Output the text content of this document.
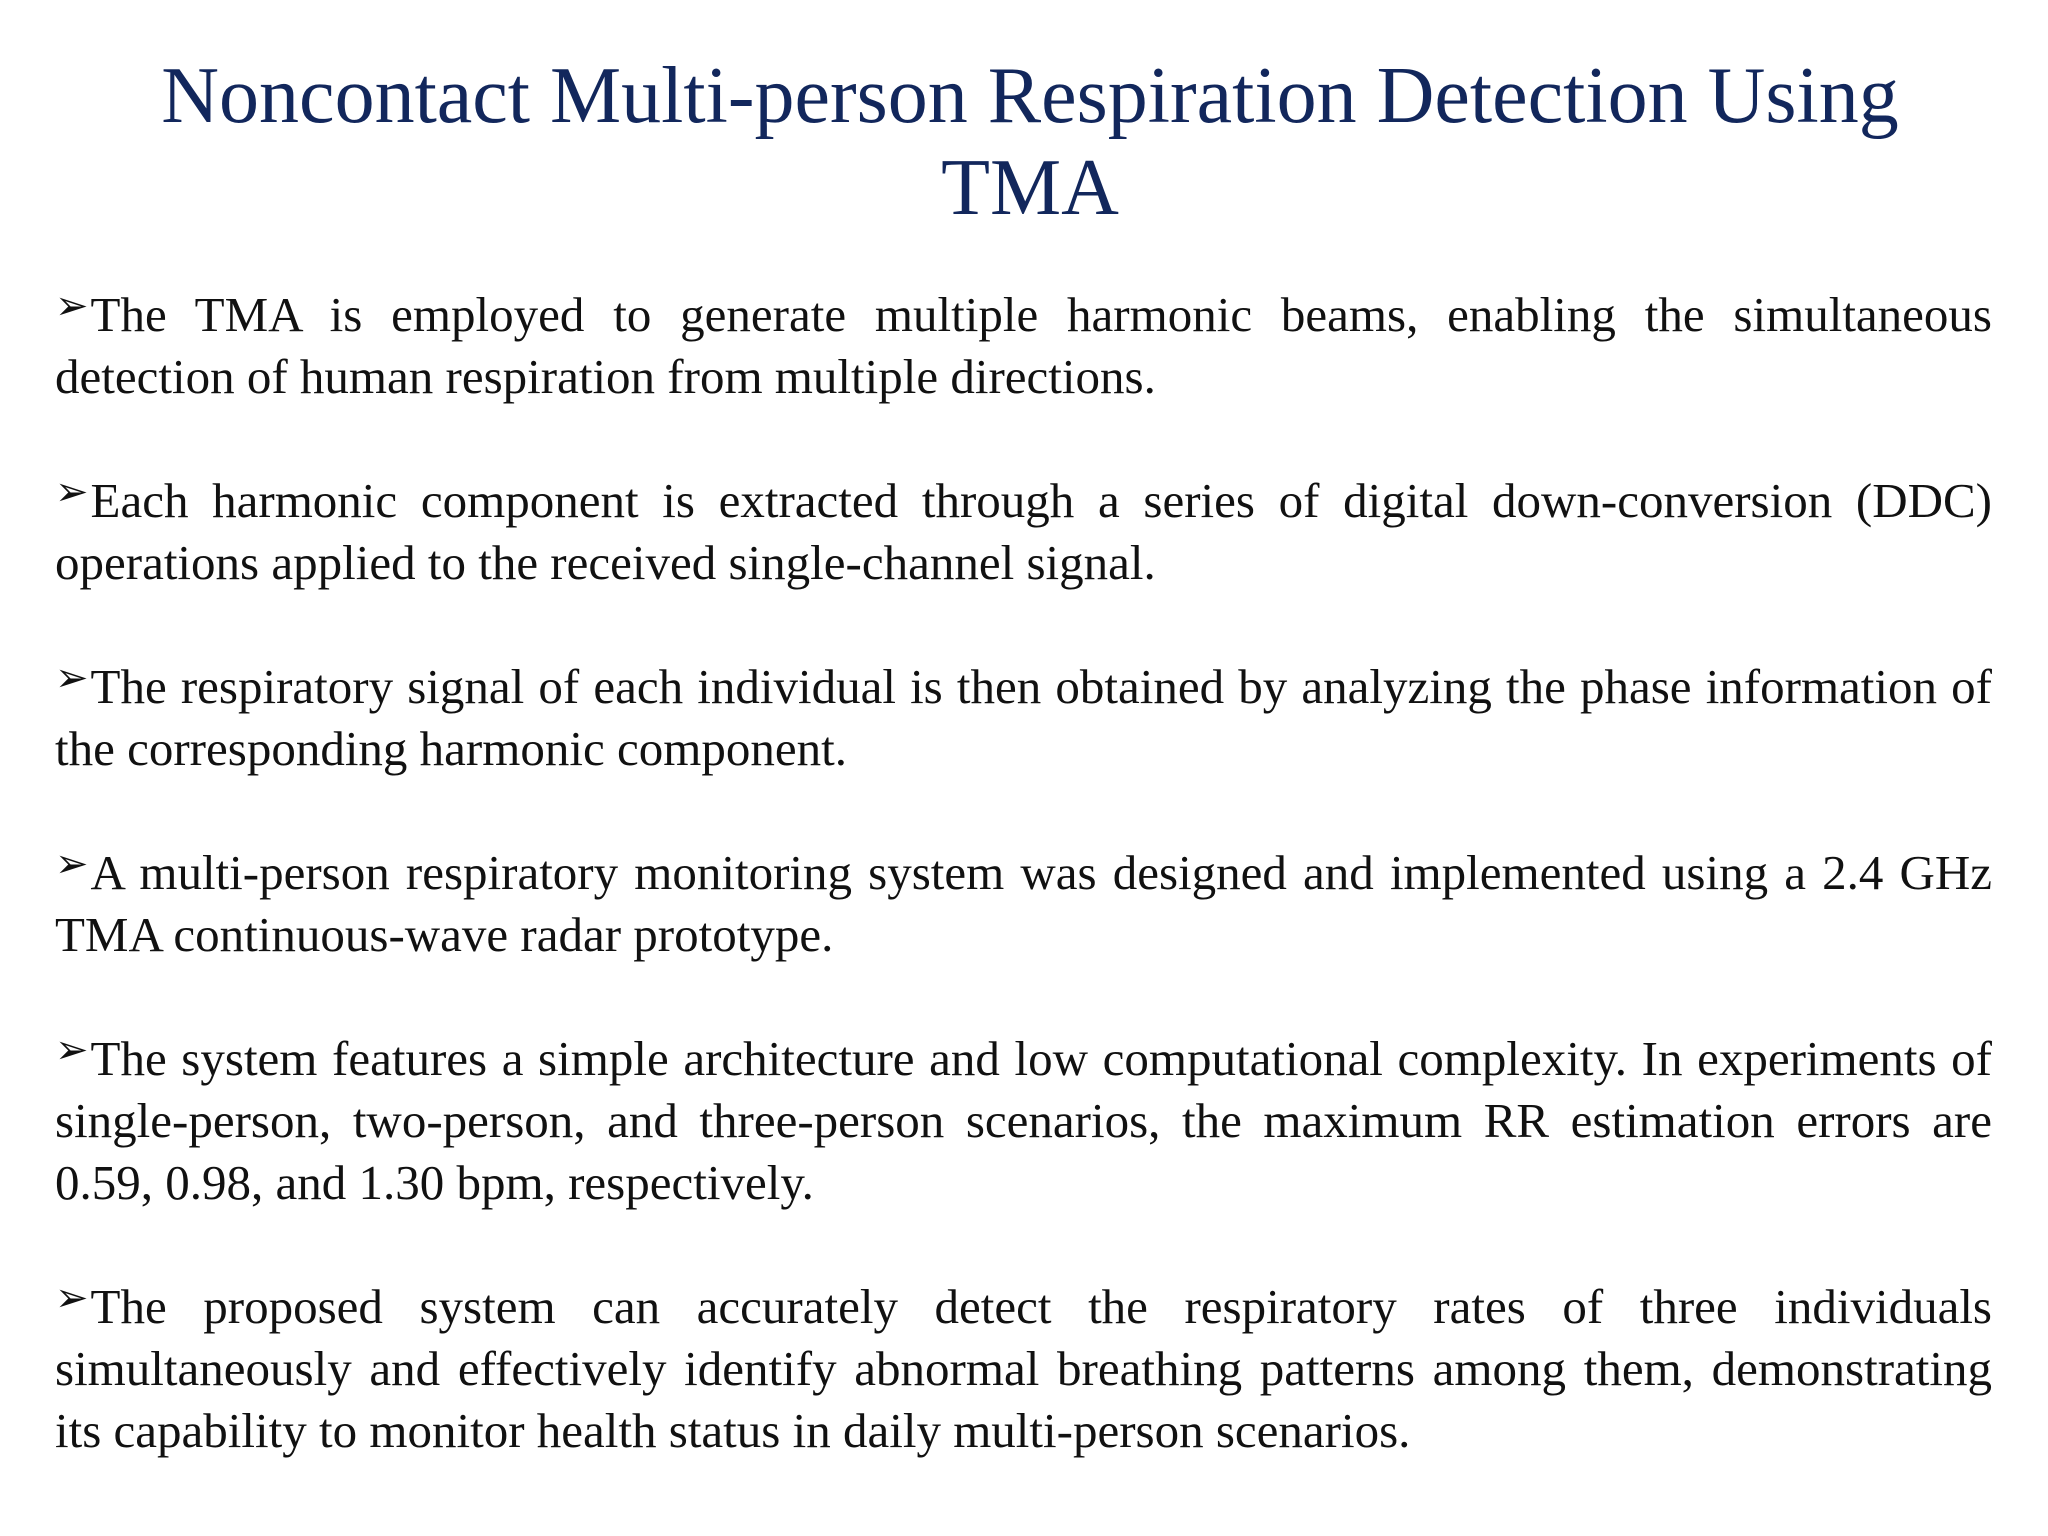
Noncontact Multi-person Respiration Detection Using TMA
➢The TMA is employed to generate multiple harmonic beams, enabling the simultaneous detection of human respiration from multiple directions.
➢Each harmonic component is extracted through a series of digital down-conversion (DDC) operations applied to the received single-channel signal.
➢The respiratory signal of each individual is then obtained by analyzing the phase information of the corresponding harmonic component.
➢A multi-person respiratory monitoring system was designed and implemented using a 2.4 GHz TMA continuous-wave radar prototype.
➢The system features a simple architecture and low computational complexity. In experiments of single-person, two-person, and three-person scenarios, the maximum RR estimation errors are 0.59, 0.98, and 1.30 bpm, respectively.
➢The proposed system can accurately detect the respiratory rates of three individuals simultaneously and effectively identify abnormal breathing patterns among them, demonstrating its capability to monitor health status in daily multi-person scenarios.
